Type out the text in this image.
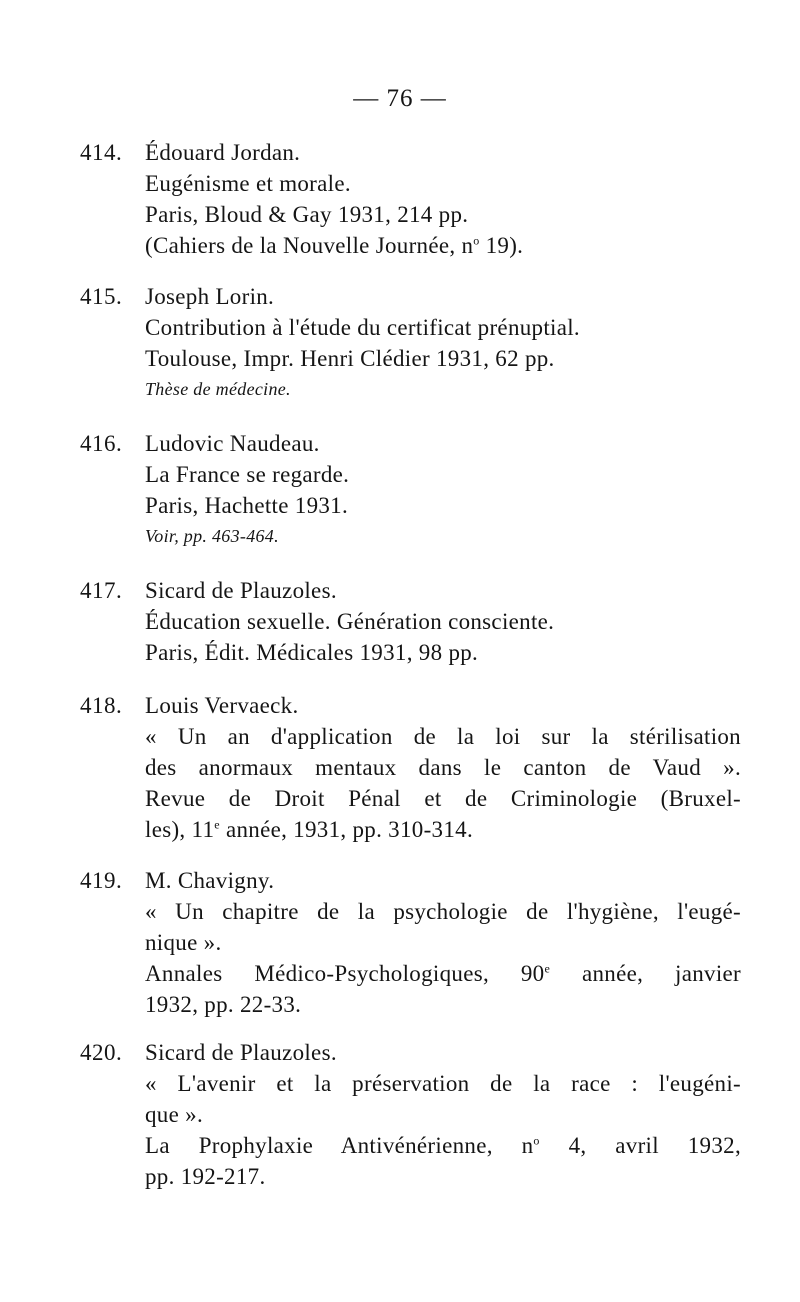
— 76 —
414. Édouard Jordan.
Eugénisme et morale.
Paris, Bloud & Gay 1931, 214 pp.
(Cahiers de la Nouvelle Journée, $n^o$ 19).
415. Joseph Lorin.
Contribution à l'étude du certificat prénuptial.
Toulouse, Impr. Henri Clédier 1931, 62 pp.
Thèse de médecine.
416. Ludovic Naudeau.
La France se regarde.
Paris, Hachette 1931.
Voir, pp. 463-464.
417. Sicard de Plauzoles.
Éducation sexuelle. Génération consciente.
Paris, Édit. Médicales 1931, 98 pp.
418. Louis Vervaeck.
« Un an d'application de la loi sur la stérilisation
des anormaux mentaux dans le canton de Vaud ».
Revue de Droit Pénal et de Criminologie (Bruxel-
les), 11e année, 1931, pp. 310-314.
419. M. Chavigny.
« Un chapitre de la psychologie de l'hygiène, l'eugé-
nique ».
Annales Médico-Psychologiques, 90e année, janvier
1932, pp. 22-33.
420. Sicard de Plauzoles.
« L'avenir et la préservation de la race : l'eugéni-
que ».
La Prophylaxie Antivénérienne, $n^o$ 4, avril 1932,
pp. 192-217.
